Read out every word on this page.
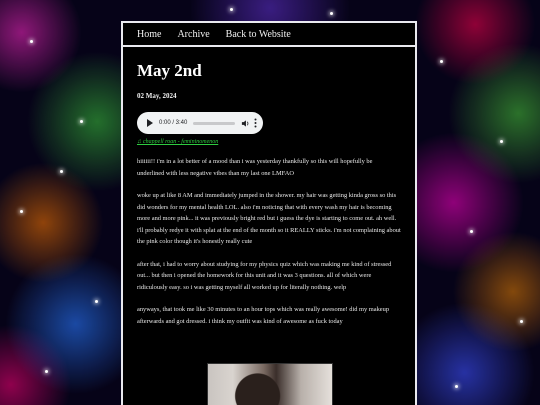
Home Archive Back to Website
May 2nd
02 May, 2024
0:00 / 3:40
♫ chappell roan - femininomenon

hiiiiii!! i'm in a lot better of a mood than i was yesterday thankfully so this will hopefully be underlined with less negative vibes than my last one LMFAO

woke up at like 8 AM and immediately jumped in the shower. my hair was getting kinda gross so this did wonders for my mental health LOL. also i'm noticing that with every wash my hair is becoming more and more pink... it was previously bright red but i guess the dye is starting to come out. ah well. i'll probably redye it with splat at the end of the month so it REALLY sticks. i'm not complaining about the pink color though it's honestly really cute

after that, i had to worry about studying for my physics quiz which was making me kind of stressed out... but then i opened the homework for this unit and it was 3 questions. all of which were ridiculously easy. so i was getting myself all worked up for literally nothing. welp

anyways, that took me like 30 minutes to an hour tops which was really awesome! did my makeup afterwards and got dressed. i think my outfit was kind of awesome as fuck today
